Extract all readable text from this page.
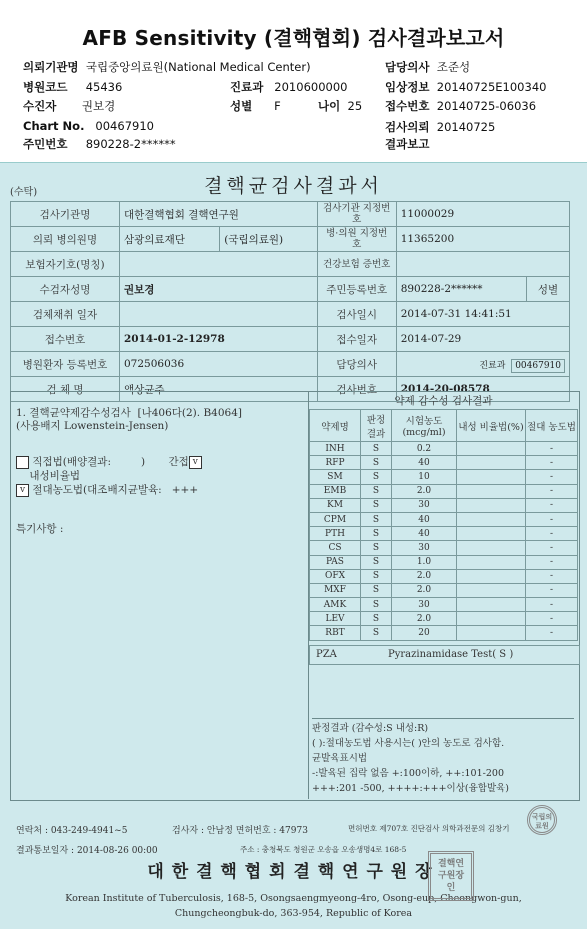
AFB Sensitivity (결핵협회) 검사결과보고서
의뢰기관명 국립중앙의료원(National Medical Center)
병원코드 45436
수진자 권보경
Chart No. 00467910
주민번호 890228-2******
진료과 2010600000
성별 F	나이 25
담당의사 조준성
임상정보 20140725E100340
접수번호 20140725-06036
검사의뢰 20140725
결과보고
(수탁)	결핵균검사결과서
검사기관명	대한결핵협회 결핵연구원		검사기관 지정번호	11000029	
의뢰 병의원명	삼광의료재단	(국립의료원)	병·의원 지정번호	11365200	
보험자기호(명칭)			건강보험 증번호		
수검자성명	권보경		주민등록번호	890228-2******	성별
검체채취 일자			검사일시	2014-07-31 14:41:51	
접수번호	2014-01-2-12978		접수일자	2014-07-29	
병원환자 등록번호	072506036		담당의사	진료과 00467910	
검 체 명	액상균주		검사번호	2014-20-08578	
1. 결핵균약제감수성검사 [나406다(2). B4064]
(사용배지 Lowenstein-Jensen)
직접법(배양결과:         )       간접 v
내성비율법
v 절대농도법(대조배지균발육: +++
특기사항 :
약제 감수성 검사결과
약제명	판정 결과	시험농도 (mcg/ml)	내성 비율법(%)	절대 농도법
INH	S	0.2		-
RFP	S	40		-
SM	S	10		-
EMB	S	2.0		-
KM	S	30		-
CPM	S	40		-
PTH	S	40		-
CS	S	30		-
PAS	S	1.0		-
OFX	S	2.0		-
MXF	S	2.0		-
AMK	S	30		-
LEV	S	2.0		-
RBT	S	20		-
PZA	Pyrazinamidase Test( S )
판정결과 (감수성:S 내성:R)
( ):절대농도법 사용시는( )안의 농도로 검사함.
균발육표시법
-:발육된 집락 없음 +:100이하, ++:101-200
+++:201 -500, ++++:+++이상(융합발육)
연락처 : 043-249-4941~5	검사자 : 안남정 면허번호 : 47973	면허번호 제707호 진단검사 의학과전문의 김창기
결과통보일자 : 2014-08-26 00:00	주소 : 충청북도 청원군 오송읍 오송생명4로 168-5
대 한 결 핵 협 회 결 핵 연 구 원 장
Korean Institute of Tuberculosis, 168-5, Osongsaengmyeong-4ro, Osong-eup, Cheongwon-gun,
Chungcheongbuk-do, 363-954, Republic of Korea
국립의료원
결핵연구원장인
